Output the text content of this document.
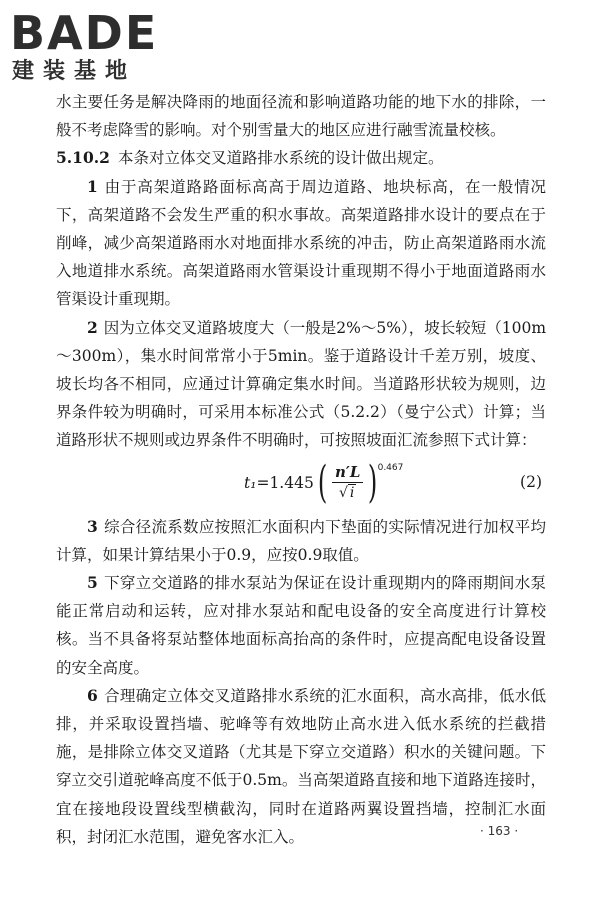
BADE
建装基地

水主要任务是解决降雨的地面径流和影响道路功能的地下水的排除，一般不考虑降雪的影响。对个别雪量大的地区应进行融雪流量校核。

5.10.2 本条对立体交叉道路排水系统的设计做出规定。

1 由于高架道路路面标高高于周边道路、地块标高，在一般情况下，高架道路不会发生严重的积水事故。高架道路排水设计的要点在于削峰，减少高架道路雨水对地面排水系统的冲击，防止高架道路雨水流入地道排水系统。高架道路雨水管渠设计重现期不得小于地面道路雨水管渠设计重现期。

2 因为立体交叉道路坡度大（一般是2%～5%），坡长较短（100m～300m），集水时间常常小于5min。鉴于道路设计千差万别，坡度、坡长均各不相同，应通过计算确定集水时间。当道路形状较为规则，边界条件较为明确时，可采用本标准公式（5.2.2）（曼宁公式）计算；当道路形状不规则或边界条件不明确时，可按照坡面汇流参照下式计算：

t₁ =1.445 ( $\frac{n'L}{√ i}$ ) 0.467
(2)

3 综合径流系数应按照汇水面积内下垫面的实际情况进行加权平均计算，如果计算结果小于0.9，应按0.9取值。

5 下穿立交道路的排水泵站为保证在设计重现期内的降雨期间水泵能正常启动和运转，应对排水泵站和配电设备的安全高度进行计算校核。当不具备将泵站整体地面标高抬高的条件时，应提高配电设备设置的安全高度。

6 合理确定立体交叉道路排水系统的汇水面积，高水高排，低水低排，并采取设置挡墙、驼峰等有效地防止高水进入低水系统的拦截措施，是排除立体交叉道路（尤其是下穿立交道路）积水的关键问题。下穿立交引道驼峰高度不低于0.5m。当高架道路直接和地下道路连接时，宜在接地段设置线型横截沟，同时在道路两翼设置挡墙，控制汇水面积，封闭汇水范围，避免客水汇入。	· 163 ·
